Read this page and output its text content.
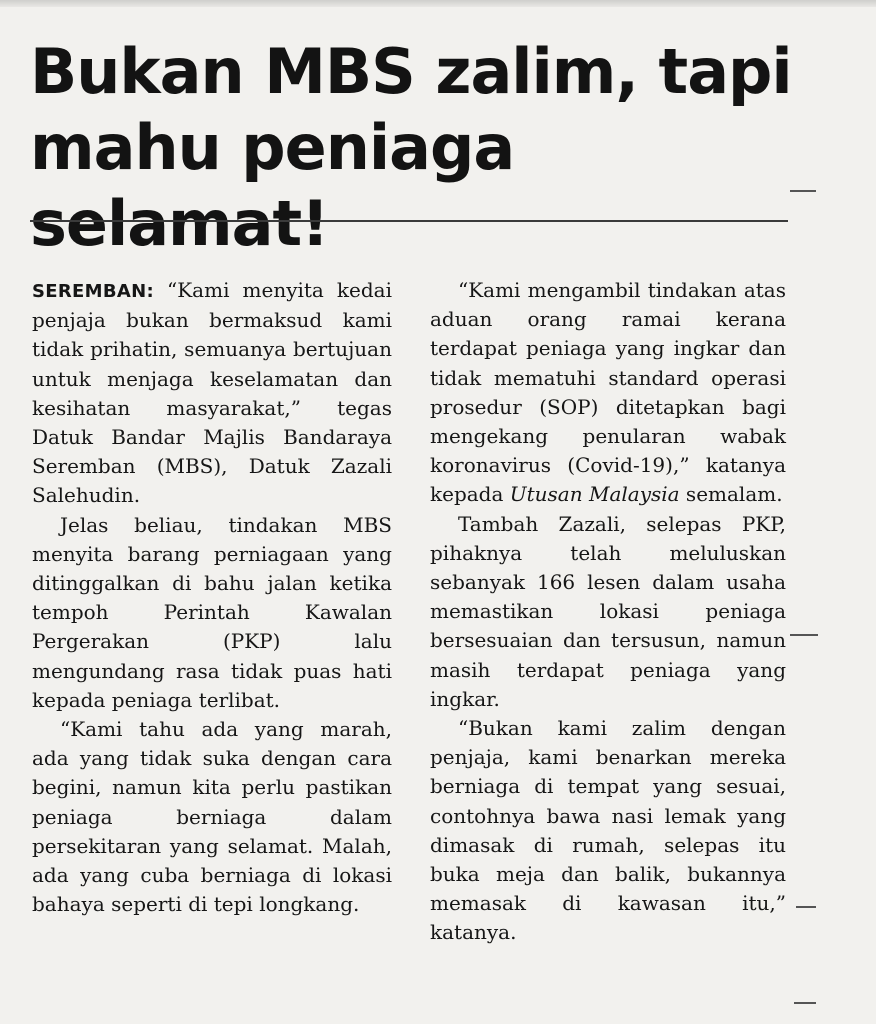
Bukan MBS zalim, tapi mahu peniaga selamat!

SEREMBAN: “Kami menyita kedai penjaja bukan bermaksud kami tidak prihatin, semuanya bertujuan untuk menjaga keselamatan dan kesihatan masyarakat,” tegas Datuk Bandar Majlis Bandaraya Seremban (MBS), Datuk Zazali Salehudin.

Jelas beliau, tindakan MBS menyita barang perniagaan yang ditinggalkan di bahu jalan ketika tempoh Perintah Kawalan Pergerakan (PKP) lalu mengundang rasa tidak puas hati kepada peniaga terlibat.

“Kami tahu ada yang marah, ada yang tidak suka dengan cara begini, namun kita perlu pastikan peniaga berniaga dalam persekitaran yang selamat. Malah, ada yang cuba berniaga di lokasi bahaya seperti di tepi longkang.

“Kami mengambil tindakan atas aduan orang ramai kerana terdapat peniaga yang ingkar dan tidak mematuhi standard operasi prosedur (SOP) ditetapkan bagi mengekang penularan wabak koronavirus (Covid-19),” katanya kepada Utusan Malaysia semalam.

Tambah Zazali, selepas PKP, pihaknya telah meluluskan sebanyak 166 lesen dalam usaha memastikan lokasi peniaga bersesuaian dan tersusun, namun masih terdapat peniaga yang ingkar.

“Bukan kami zalim dengan penjaja, kami benarkan mereka berniaga di tempat yang sesuai, contohnya bawa nasi lemak yang dimasak di rumah, selepas itu buka meja dan balik, bukannya memasak di kawasan itu,” katanya.
